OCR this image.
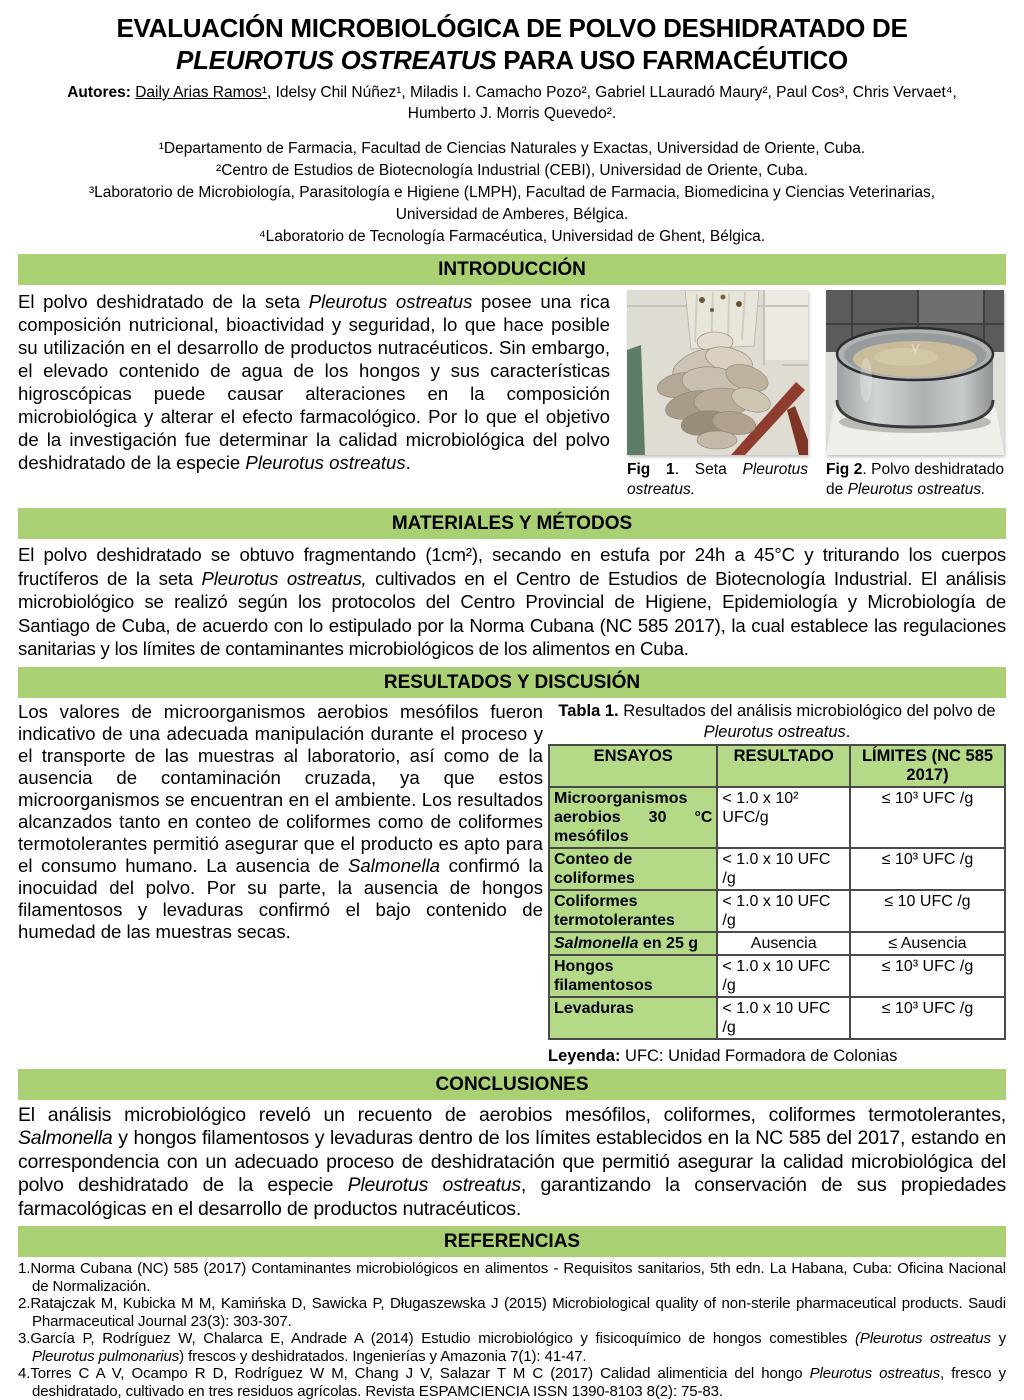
EVALUACIÓN MICROBIOLÓGICA DE POLVO DESHIDRATADO DE
PLEUROTUS OSTREATUS PARA USO FARMACÉUTICO
Autores: Daily Arias Ramos¹, Idelsy Chil Núñez¹, Miladis I. Camacho Pozo², Gabriel LLauradó Maury², Paul Cos³, Chris Vervaet⁴,
Humberto J. Morris Quevedo².
¹Departamento de Farmacia, Facultad de Ciencias Naturales y Exactas, Universidad de Oriente, Cuba.
²Centro de Estudios de Biotecnología Industrial (CEBI), Universidad de Oriente, Cuba.
³Laboratorio de Microbiología, Parasitología e Higiene (LMPH), Facultad de Farmacia, Biomedicina y Ciencias Veterinarias,
Universidad de Amberes, Bélgica.
⁴Laboratorio de Tecnología Farmacéutica, Universidad de Ghent, Bélgica.
INTRODUCCIÓN
El polvo deshidratado de la seta Pleurotus ostreatus posee una rica composición nutricional, bioactividad y seguridad, lo que hace posible su utilización en el desarrollo de productos nutracéuticos. Sin embargo, el elevado contenido de agua de los hongos y sus características higroscópicas puede causar alteraciones en la composición microbiológica y alterar el efecto farmacológico. Por lo que el objetivo de la investigación fue determinar la calidad microbiológica del polvo deshidratado de la especie Pleurotus ostreatus.	Fig 1. Seta Pleurotus ostreatus.
Fig 2. Polvo deshidratado de Pleurotus ostreatus.
MATERIALES Y MÉTODOS
El polvo deshidratado se obtuvo fragmentando (1cm²), secando en estufa por 24h a 45°C y triturando los cuerpos fructíferos de la seta Pleurotus ostreatus, cultivados en el Centro de Estudios de Biotecnología Industrial. El análisis microbiológico se realizó según los protocolos del Centro Provincial de Higiene, Epidemiología y Microbiología de Santiago de Cuba, de acuerdo con lo estipulado por la Norma Cubana (NC 585 2017), la cual establece las regulaciones sanitarias y los límites de contaminantes microbiológicos de los alimentos en Cuba.
RESULTADOS Y DISCUSIÓN
Los valores de microorganismos aerobios mesófilos fueron indicativo de una adecuada manipulación durante el proceso y el transporte de las muestras al laboratorio, así como de la ausencia de contaminación cruzada, ya que estos microorganismos se encuentran en el ambiente. Los resultados alcanzados tanto en conteo de coliformes como de coliformes termotolerantes permitió asegurar que el producto es apto para el consumo humano. La ausencia de Salmonella confirmó la inocuidad del polvo. Por su parte, la ausencia de hongos filamentosos y levaduras confirmó el bajo contenido de humedad de las muestras secas.
Tabla 1. Resultados del análisis microbiológico del polvo de Pleurotus ostreatus.
ENSAYOS	RESULTADO	LÍMITES (NC 585 2017)
Microorganismos aerobios 30 °C mesófilos	< 1.0 x 10² UFC/g	≤ 10³ UFC /g
Conteo de coliformes	< 1.0 x 10 UFC /g	≤ 10³ UFC /g
Coliformes termotolerantes	< 1.0 x 10 UFC /g	≤ 10 UFC /g
Salmonella en 25 g	Ausencia	≤ Ausencia
Hongos filamentosos	< 1.0 x 10 UFC /g	≤ 10³ UFC /g
Levaduras	< 1.0 x 10 UFC /g	≤ 10³ UFC /g
Leyenda: UFC: Unidad Formadora de Colonias
CONCLUSIONES
El análisis microbiológico reveló un recuento de aerobios mesófilos, coliformes, coliformes termotolerantes, Salmonella y hongos filamentosos y levaduras dentro de los límites establecidos en la NC 585 del 2017, estando en correspondencia con un adecuado proceso de deshidratación que permitió asegurar la calidad microbiológica del polvo deshidratado de la especie Pleurotus ostreatus, garantizando la conservación de sus propiedades farmacológicas en el desarrollo de productos nutracéuticos.
REFERENCIAS
1.Norma Cubana (NC) 585 (2017) Contaminantes microbiológicos en alimentos - Requisitos sanitarios, 5th edn. La Habana, Cuba: Oficina Nacional de Normalización.
2.Ratajczak M, Kubicka M M, Kamińska D, Sawicka P, Długaszewska J (2015) Microbiological quality of non-sterile pharmaceutical products. Saudi Pharmaceutical Journal 23(3): 303-307.
3.García P, Rodríguez W, Chalarca E, Andrade A (2014) Estudio microbiológico y fisicoquímico de hongos comestibles (Pleurotus ostreatus y Pleurotus pulmonarius) frescos y deshidratados. Ingenierías y Amazonia 7(1): 41-47.
4.Torres C A V, Ocampo R D, Rodríguez W M, Chang J V, Salazar T M C (2017) Calidad alimenticia del hongo Pleurotus ostreatus, fresco y deshidratado, cultivado en tres residuos agrícolas. Revista ESPAMCIENCIA ISSN 1390-8103 8(2): 75-83.
